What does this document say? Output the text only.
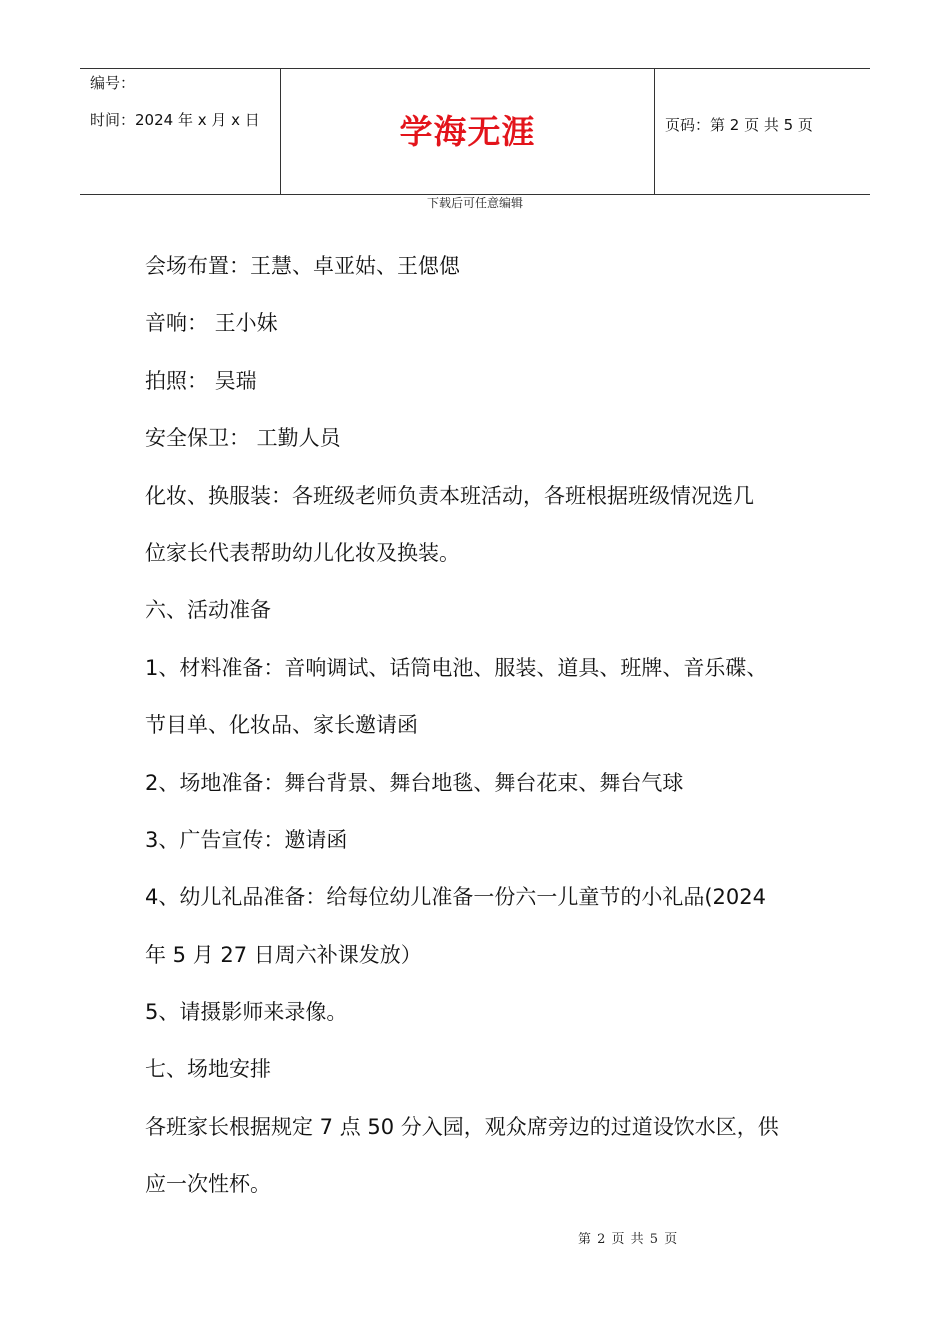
编号：
时间：2024 年 x 月 x 日	学海无涯	页码：第 2 页 共 5 页
下载后可任意编辑
会场布置：王慧、卓亚姑、王偲偲
音响： 王小妹
拍照： 吴瑞
安全保卫： 工勤人员
化妆、换服装：各班级老师负责本班活动，各班根据班级情况选几
位家长代表帮助幼儿化妆及换装。
六、活动准备
1、材料准备：音响调试、话筒电池、服装、道具、班牌、音乐碟、
节目单、化妆品、家长邀请函
2、场地准备：舞台背景、舞台地毯、舞台花束、舞台气球
3、广告宣传：邀请函
4、幼儿礼品准备：给每位幼儿准备一份六一儿童节的小礼品(2024
年 5 月 27 日周六补课发放）
5、请摄影师来录像。
七、场地安排
各班家长根据规定 7 点 50 分入园，观众席旁边的过道设饮水区，供
应一次性杯。
第 2 页 共 5 页
